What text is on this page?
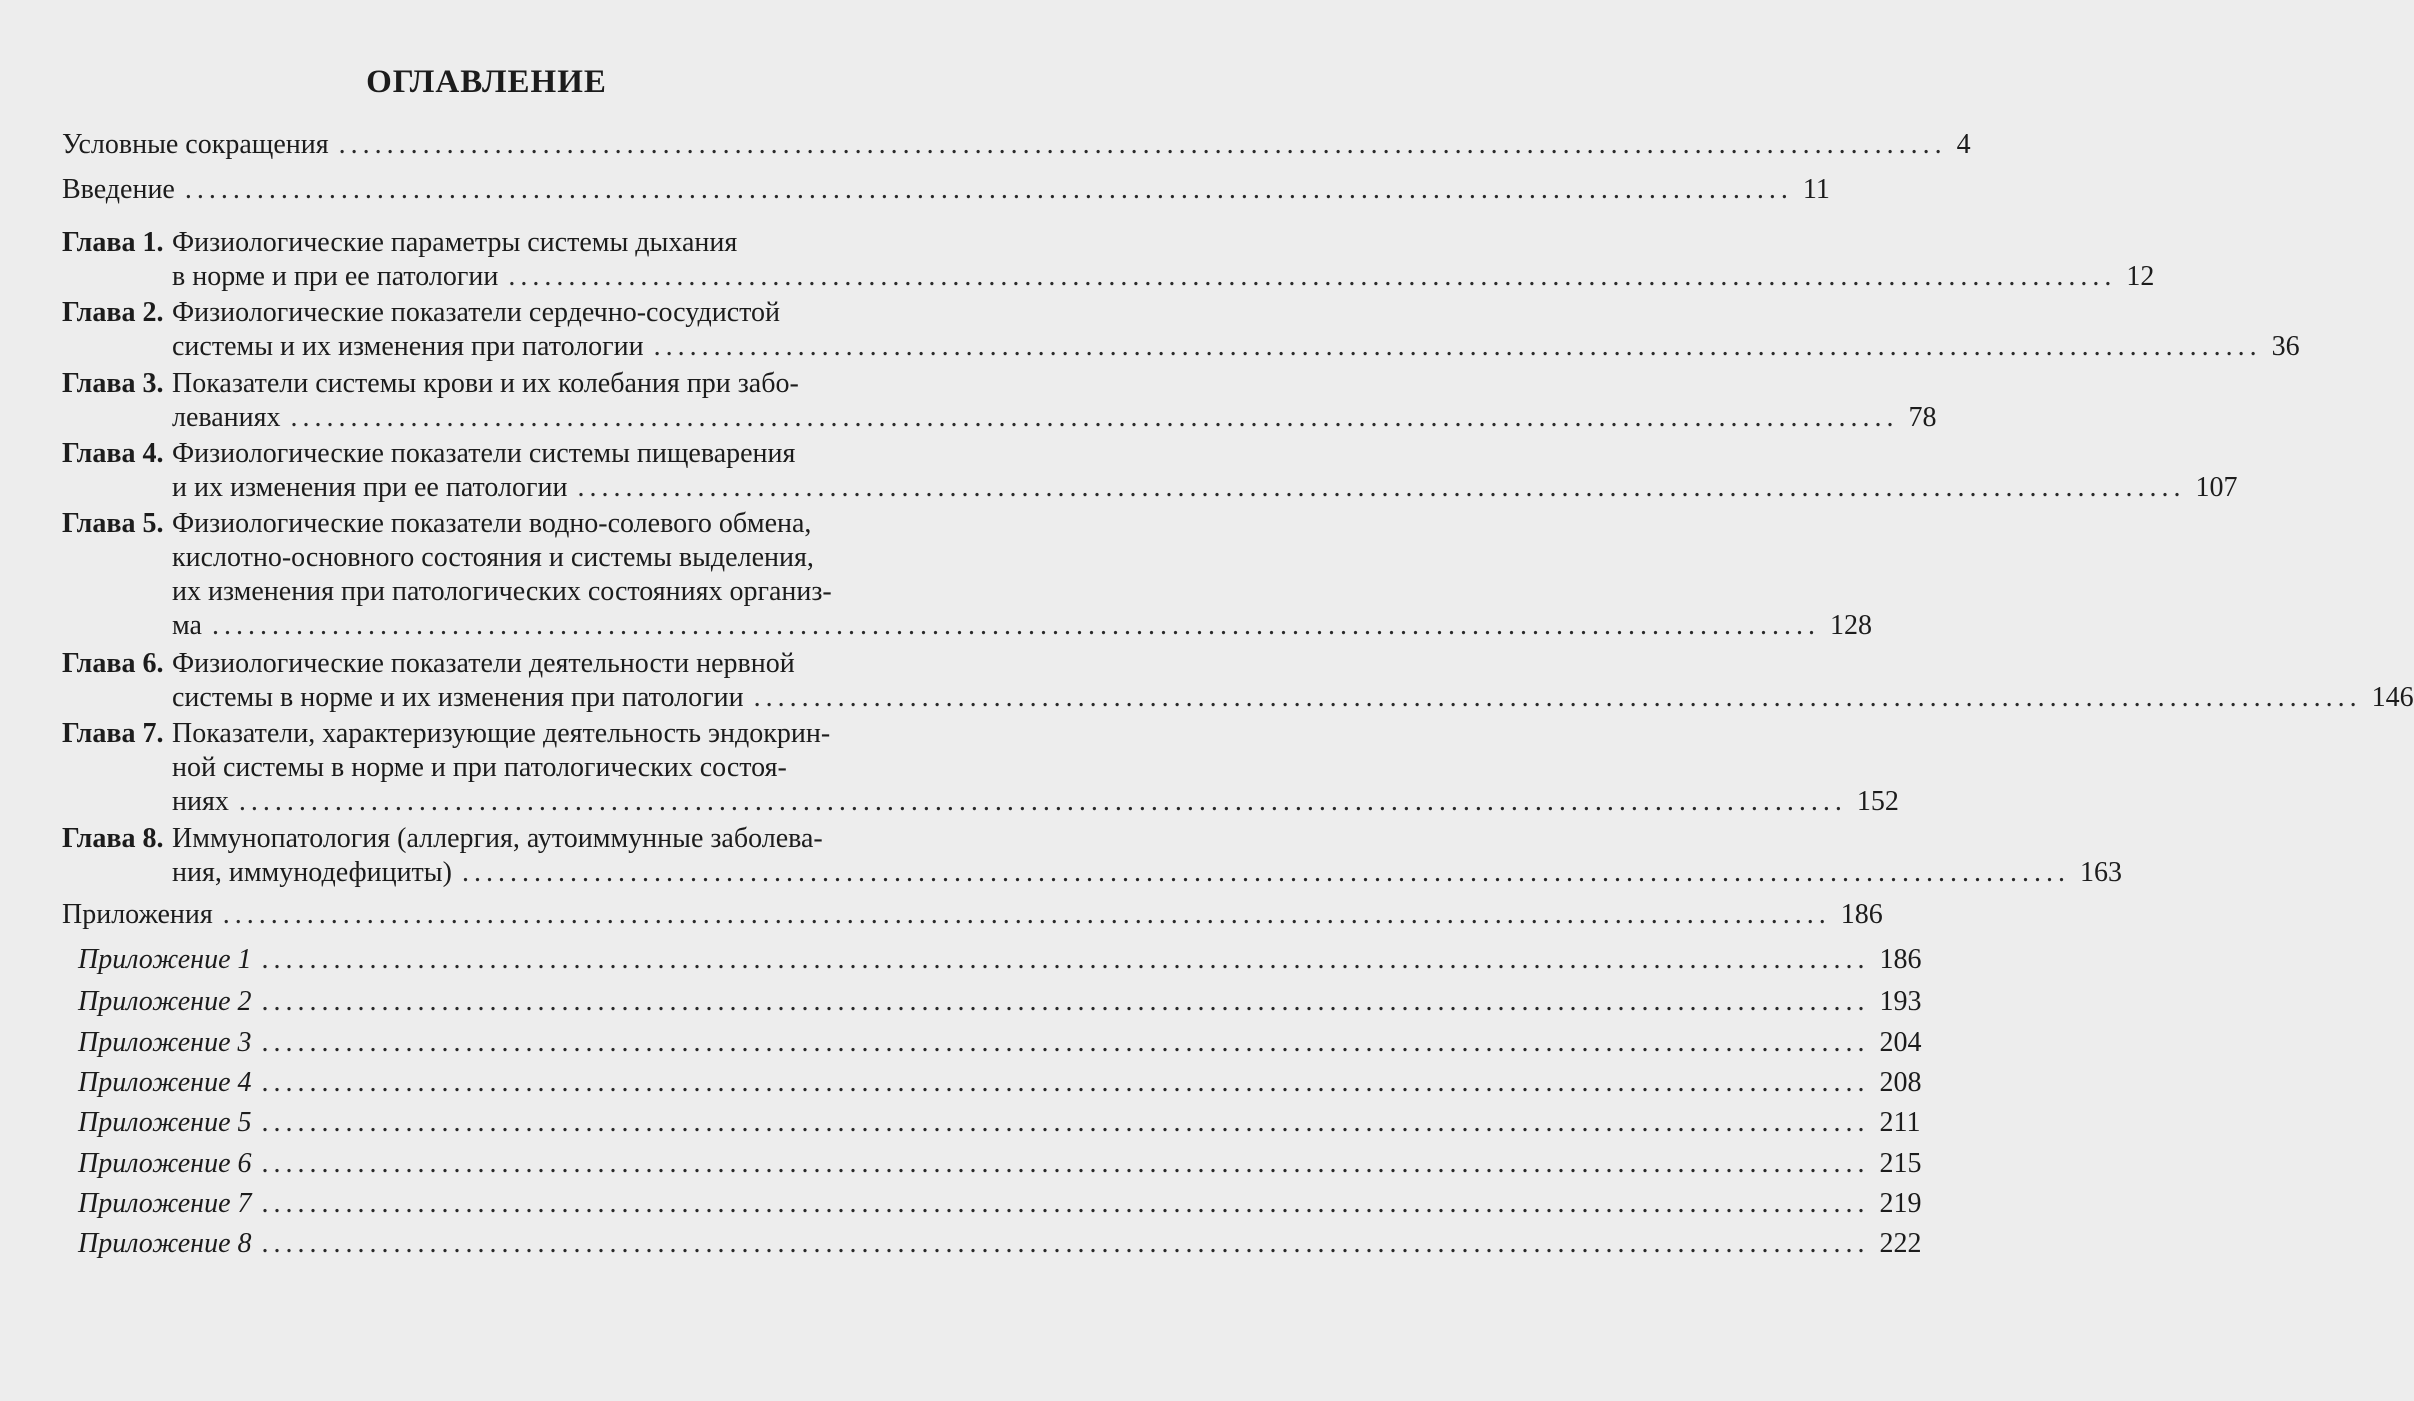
ОГЛАВЛЕНИЕ
Условные сокращения ...................................................................................................................................... 4
Введение ...................................................................................................................................... 11
Глава 1. Физиологические параметры системы дыхания
в норме и при ее патологии ...................................................................................................................................... 12
Глава 2. Физиологические показатели сердечно-сосудистой
системы и их изменения при патологии ...................................................................................................................................... 36
Глава 3. Показатели системы крови и их колебания при забо-
леваниях ...................................................................................................................................... 78
Глава 4. Физиологические показатели системы пищеварения
и их изменения при ее патологии ...................................................................................................................................... 107
Глава 5. Физиологические показатели водно-солевого обмена,
кислотно-основного состояния и системы выделения,
их изменения при патологических состояниях организ-
ма ...................................................................................................................................... 128
Глава 6. Физиологические показатели деятельности нервной
системы в норме и их изменения при патологии ...................................................................................................................................... 146
Глава 7. Показатели, характеризующие деятельность эндокрин-
ной системы в норме и при патологических состоя-
ниях ...................................................................................................................................... 152
Глава 8. Иммунопатология (аллергия, аутоиммунные заболева-
ния, иммунодефициты) ...................................................................................................................................... 163
Приложения ...................................................................................................................................... 186
Приложение 1 ...................................................................................................................................... 186
Приложение 2 ...................................................................................................................................... 193
Приложение 3 ...................................................................................................................................... 204
Приложение 4 ...................................................................................................................................... 208
Приложение 5 ...................................................................................................................................... 211
Приложение 6 ...................................................................................................................................... 215
Приложение 7 ...................................................................................................................................... 219
Приложение 8 ...................................................................................................................................... 222
